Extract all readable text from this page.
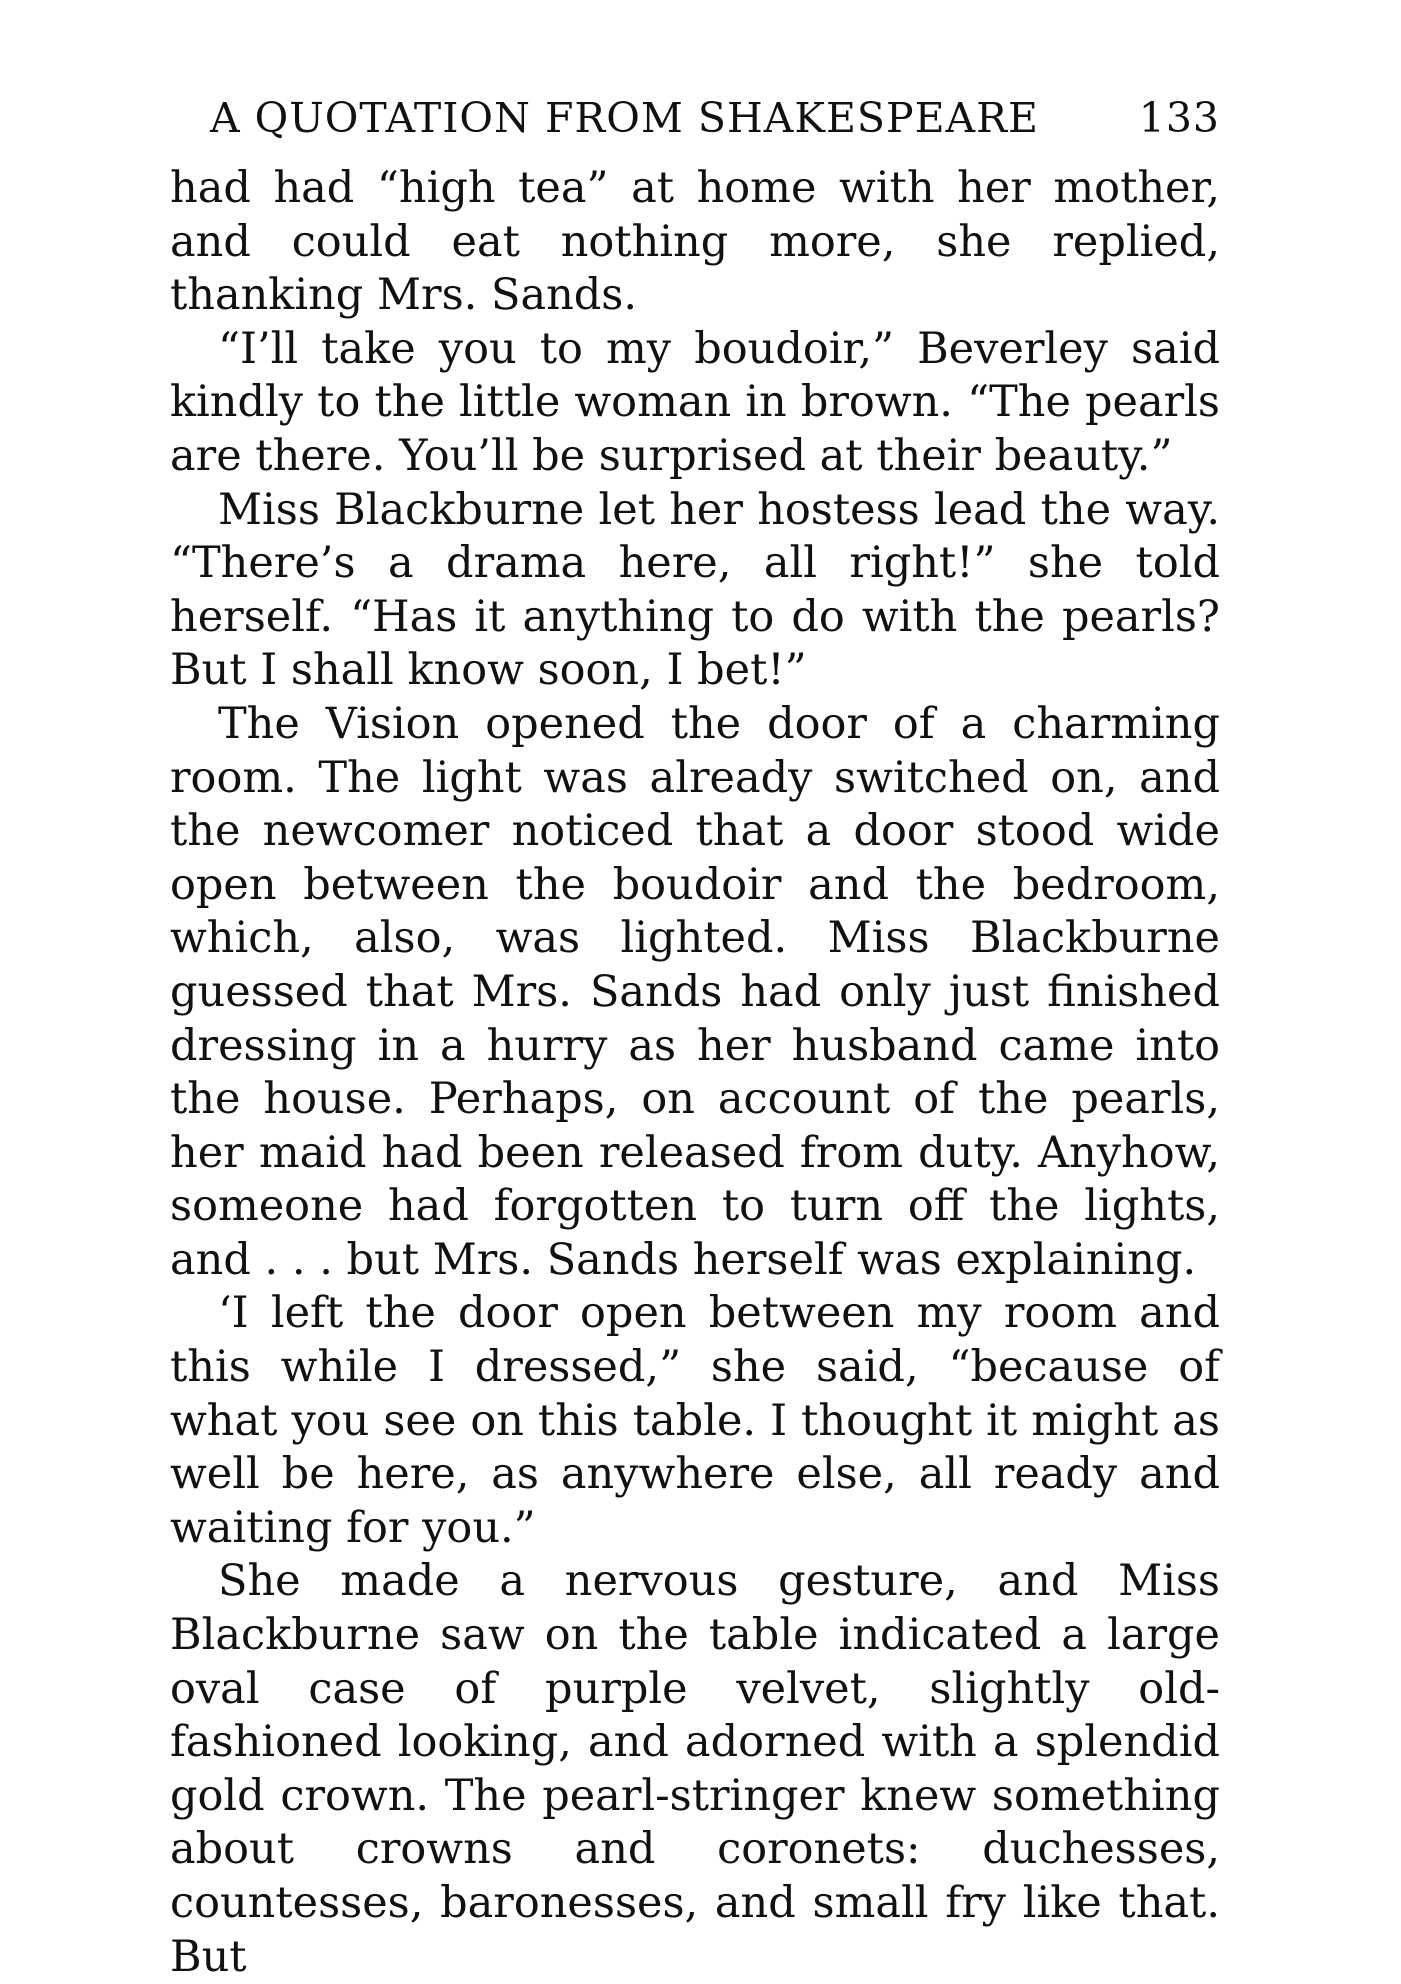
A QUOTATION FROM SHAKESPEARE 133

had had “high tea” at home with her mother, and could eat nothing more, she replied, thanking Mrs. Sands.

“I’ll take you to my boudoir,” Beverley said kindly to the little woman in brown. “The pearls are there. You’ll be surprised at their beauty.”

Miss Blackburne let her hostess lead the way. “There’s a drama here, all right!” she told herself. “Has it anything to do with the pearls? But I shall know soon, I bet!”

The Vision opened the door of a charming room. The light was already switched on, and the newcomer noticed that a door stood wide open between the boudoir and the bedroom, which, also, was lighted. Miss Blackburne guessed that Mrs. Sands had only just finished dressing in a hurry as her husband came into the house. Perhaps, on account of the pearls, her maid had been released from duty. Anyhow, someone had forgotten to turn off the lights, and . . . but Mrs. Sands herself was explaining.

‘I left the door open between my room and this while I dressed,” she said, “because of what you see on this table. I thought it might as well be here, as anywhere else, all ready and waiting for you.”

She made a nervous gesture, and Miss Blackburne saw on the table indicated a large oval case of purple velvet, slightly old-fashioned looking, and adorned with a splendid gold crown. The pearl-stringer knew something about crowns and coronets: duchesses, countesses, baronesses, and small fry like that. But
